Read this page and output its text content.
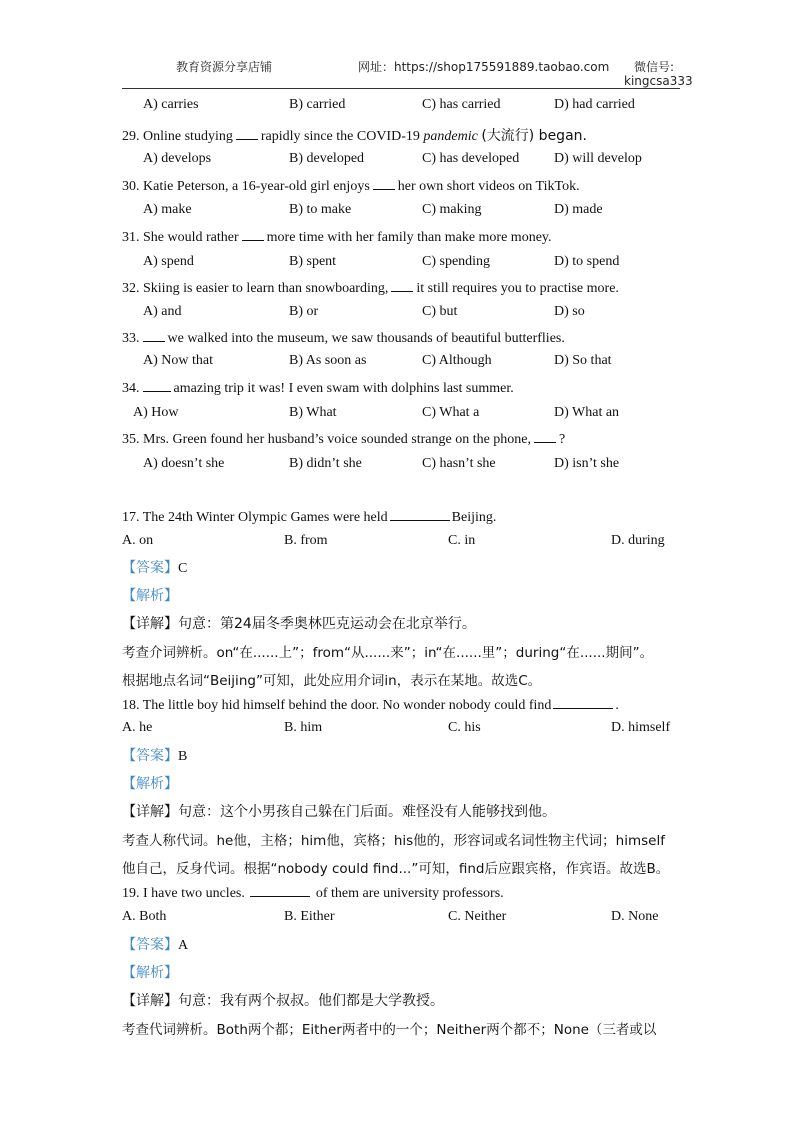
教育资源分享店铺	网址：https://shop175591889.taobao.com 微信号:
kingcsa333
A) carries	B) carried	C) has carried	D) had carried
29. Online studying rapidly since the COVID-19 pandemic (大流行) began.
A) develops	B) developed	C) has developed D) will develop
30. Katie Peterson, a 16-year-old girl enjoys her own short videos on TikTok.
A) make	B) to make	C) making	D) made
31. She would rather more time with her family than make more money.
A) spend	B) spent	C) spending	D) to spend
32. Skiing is easier to learn than snowboarding, it still requires you to practise more.
A) and	B) or	C) but	D) so
33. we walked into the museum, we saw thousands of beautiful butterflies.
A) Now that	B) As soon as	C) Although	D) So that
34. amazing trip it was! I even swam with dolphins last summer.
A) How	B) What	C) What a	D) What an
35. Mrs. Green found her husband’s voice sounded strange on the phone, ?
A) doesn’t she	B) didn’t she	C) hasn’t she	D) isn’t she
17. The 24th Winter Olympic Games were held	Beijing.
A. on	B. from	C. in	D. during
【答案】C
【解析】
【详解】句意：第24届冬季奥林匹克运动会在北京举行。
考查介词辨析。on“在......上”；from“从......来”；in“在......里”；during“在......期间”。
根据地点名词“Beijing”可知，此处应用介词in，表示在某地。故选C。
18. The little boy hid himself behind the door. No wonder nobody could find	.
A. he	B. him	C. his	D. himself
【答案】B
【解析】
【详解】句意：这个小男孩自己躲在门后面。难怪没有人能够找到他。
考查人称代词。he他，主格；him他，宾格；his他的，形容词或名词性物主代词；himself
他自己，反身代词。根据“nobody could find...”可知，find后应跟宾格，作宾语。故选B。
19. I have two uncles.	of them are university professors.
A. Both	B. Either	C. Neither	D. None
【答案】A
【解析】
【详解】句意：我有两个叔叔。他们都是大学教授。
考查代词辨析。Both两个都；Either两者中的一个；Neither两个都不；None（三者或以
